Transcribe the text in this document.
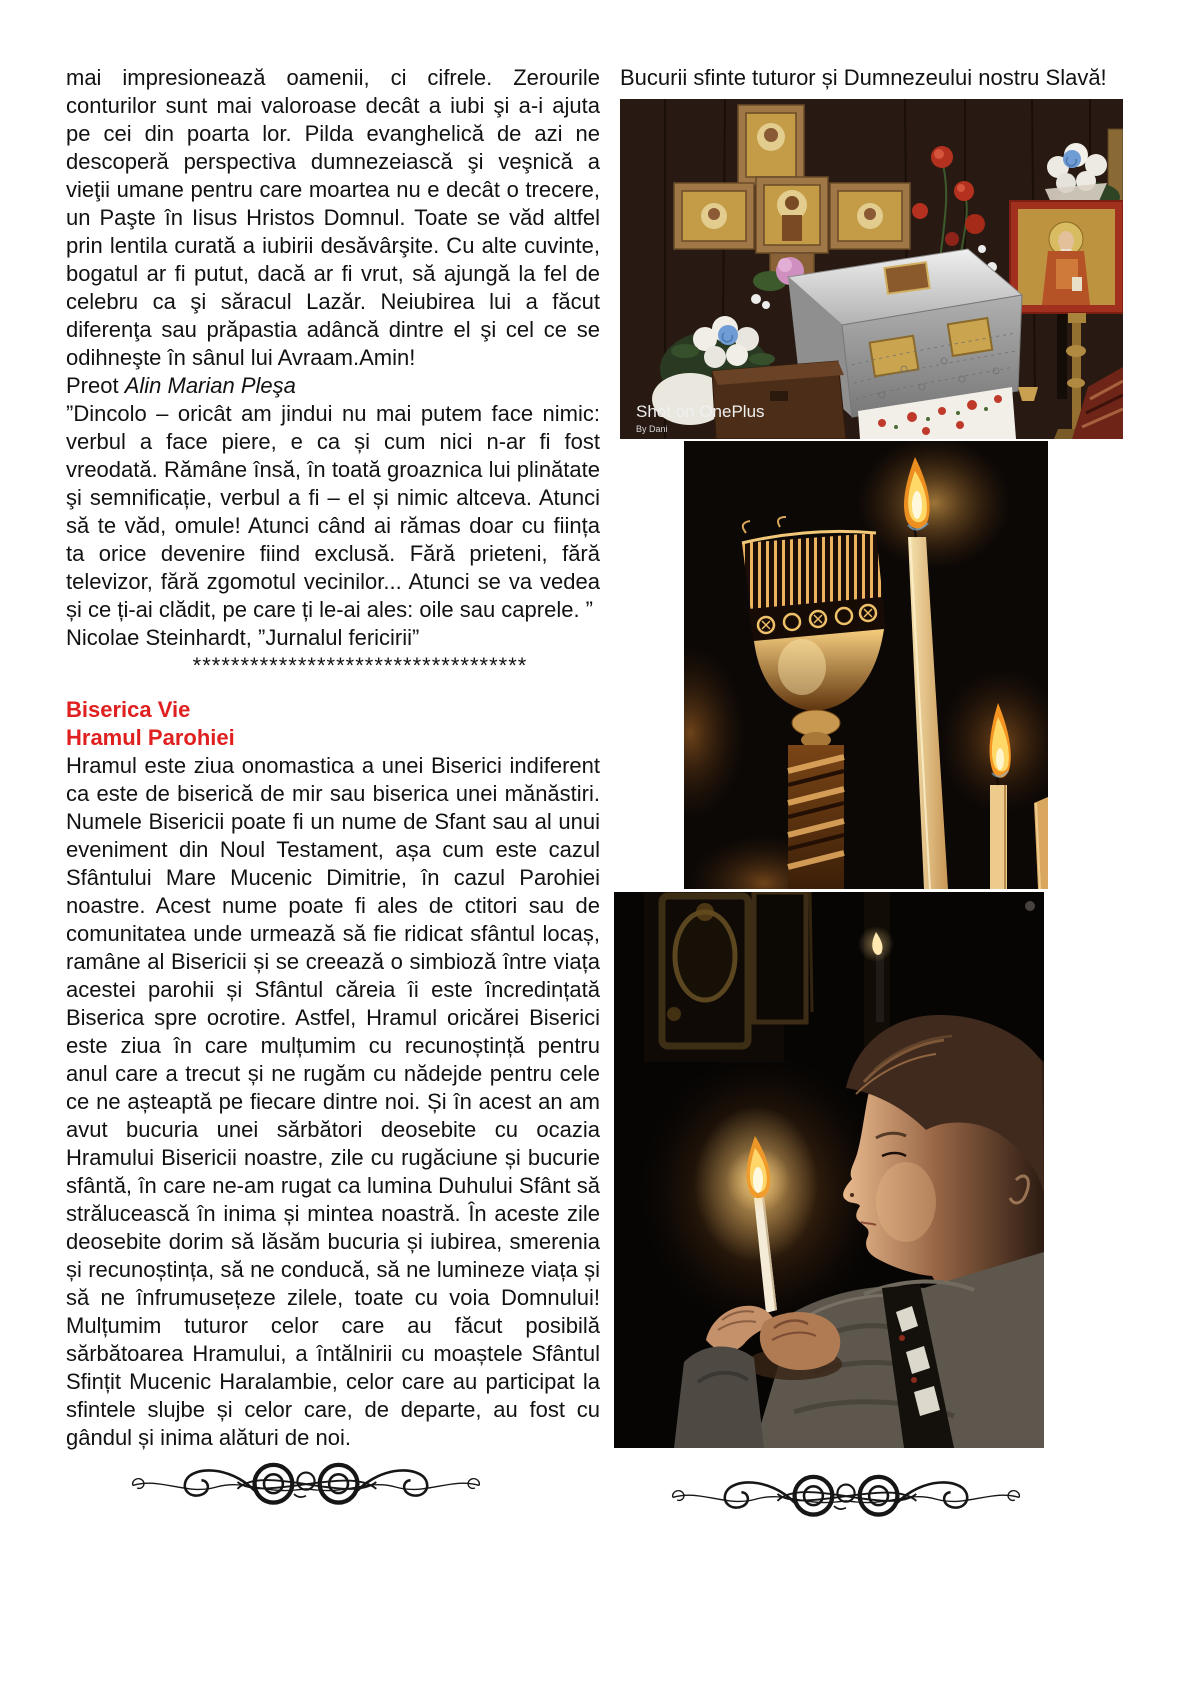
mai impresionează oamenii, ci cifrele. Zerourile conturilor sunt mai valoroase decât a iubi şi a-i ajuta pe cei din poarta lor. Pilda evanghelică de azi ne descoperă perspectiva dumnezeiască şi veşnică a vieţii umane pentru care moartea nu e decât o trecere, un Paşte în Iisus Hristos Domnul. Toate se văd altfel prin lentila curată a iubirii desăvârşite. Cu alte cuvinte, bogatul ar fi putut, dacă ar fi vrut, să ajungă la fel de celebru ca şi săracul Lazăr. Neiubirea lui a făcut diferenţa sau prăpastia adâncă dintre el şi cel ce se odihneşte în sânul lui Avraam.Amin!

Preot Alin Marian Pleşa

”Dincolo – oricât am jindui nu mai putem face nimic: verbul a face piere, e ca și cum nici n-ar fi fost vreodată. Rămâne însă, în toată groaznica lui plinătate şi semnificație, verbul a fi – el și nimic altceva. Atunci să te văd, omule! Atunci când ai rămas doar cu ființa ta orice devenire fiind exclusă. Fără prieteni, fără televizor, fără zgomotul vecinilor... Atunci se va vedea și ce ți-ai clădit, pe care ți le-ai ales: oile sau caprele. ”

Nicolae Steinhardt, ”Jurnalul fericirii”

***********************************

Biserica Vie
Hramul Parohiei

Hramul este ziua onomastica a unei Biserici indiferent ca este de biserică de mir sau biserica unei mănăstiri. Numele Bisericii poate fi un nume de Sfant sau al unui eveniment din Noul Testament, așa cum este cazul Sfântului Mare Mucenic Dimitrie, în cazul Parohiei noastre. Acest nume poate fi ales de ctitori sau de comunitatea unde urmează să fie ridicat sfântul locaș, ramâne al Bisericii și se creează o simbioză între viața acestei parohii și Sfântul căreia îi este încredințată Biserica spre ocrotire. Astfel, Hramul oricărei Biserici este ziua în care mulțumim cu recunoștință pentru anul care a trecut și ne rugăm cu nădejde pentru cele ce ne așteaptă pe fiecare dintre noi. Și în acest an am avut bucuria unei sărbători deosebite cu ocazia Hramului Bisericii noastre, zile cu rugăciune și bucurie sfântă, în care ne-am rugat ca lumina Duhului Sfânt să strălucească în inima și mintea noastră. În aceste zile deosebite dorim să lăsăm bucuria și iubirea, smerenia și recunoștința, să ne conducă, să ne lumineze viața și să ne înfrumusețeze zilele, toate cu voia Domnului! Mulțumim tuturor celor care au făcut posibilă sărbătoarea Hramului, a întălnirii cu moaștele Sfântul Sfințit Mucenic Haralambie, celor care au participat la sfintele slujbe și celor care, de departe, au fost cu gândul și inima alături de noi.

Bucurii sfinte tuturor și Dumnezeului nostru Slavă!

Shot on OnePlus
By Dani
